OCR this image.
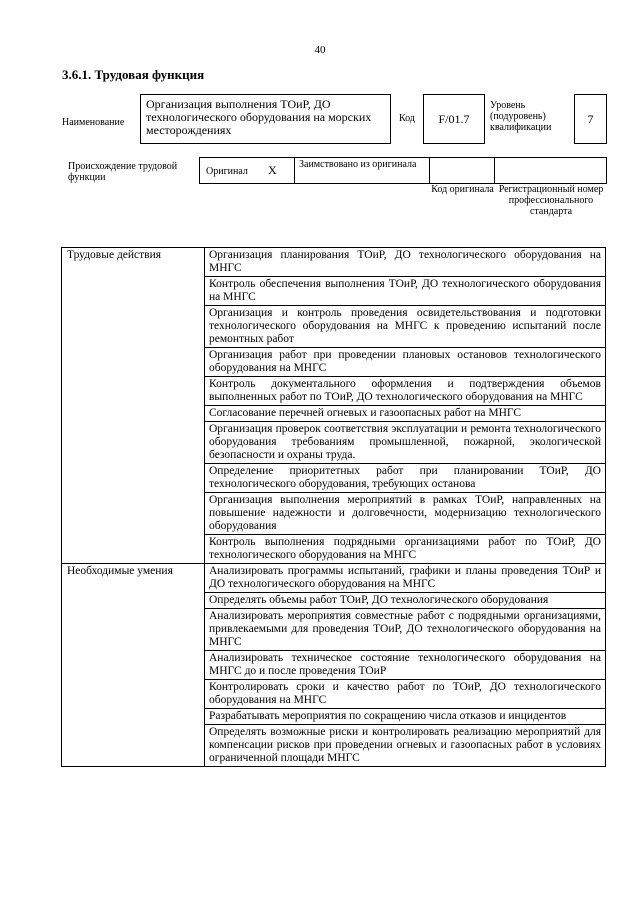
40
3.6.1. Трудовая функция
Наименование
Организация выполнения ТОиР, ДО технологического оборудования на морских месторождениях
Код	F/01.7
Уровень (подуровень) квалификации
7
Происхождение трудовой функции
Оригинал X Заимствовано из оригинала
Код оригинала Регистрационный номер профессионального стандарта
Трудовые действия	Организация планирования ТОиР, ДО технологического оборудования на МНГС
	Контроль обеспечения выполнения ТОиР, ДО технологического оборудования на МНГС
	Организация и контроль проведения освидетельствования и подготовки технологического оборудования на МНГС к проведению испытаний после ремонтных работ
	Организация работ при проведении плановых остановов технологического оборудования на МНГС
	Контроль документального оформления и подтверждения объемов выполненных работ по ТОиР, ДО технологического оборудования на МНГС
	Согласование перечней огневых и газоопасных работ на МНГС
	Организация проверок соответствия эксплуатации и ремонта технологического оборудования требованиям промышленной, пожарной, экологической безопасности и охраны труда.
	Определение приоритетных работ при планировании ТОиР, ДО технологического оборудования, требующих останова
	Организация выполнения мероприятий в рамках ТОиР, направленных на повышение надежности и долговечности, модернизацию технологического оборудования
	Контроль выполнения подрядными организациями работ по ТОиР, ДО технологического оборудования на МНГС
Необходимые умения	Анализировать программы испытаний, графики и планы проведения ТОиР и ДО технологического оборудования на МНГС
	Определять объемы работ ТОиР, ДО технологического оборудования
	Анализировать мероприятия совместные работ с подрядными организациями, привлекаемыми для проведения ТОиР, ДО технологического оборудования на МНГС
	Анализировать техническое состояние технологического оборудования на МНГС до и после проведения ТОиР
	Контролировать сроки и качество работ по ТОиР, ДО технологического оборудования на МНГС
	Разрабатывать мероприятия по сокращению числа отказов и инцидентов
	Определять возможные риски и контролировать реализацию мероприятий для компенсации рисков при проведении огневых и газоопасных работ в условиях ограниченной площади МНГС
